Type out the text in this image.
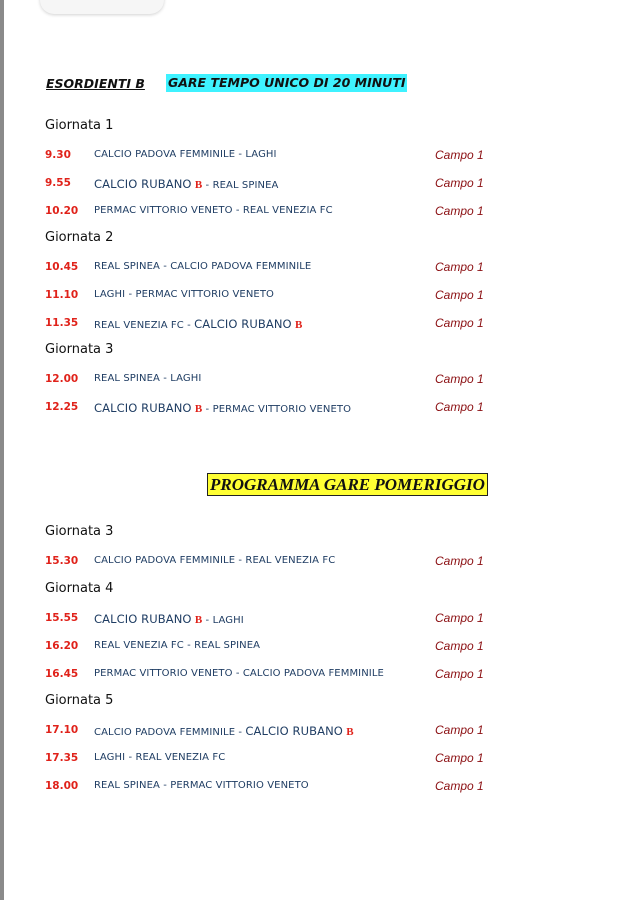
ESORDIENTI B GARE TEMPO UNICO DI 20 MINUTI
Giornata 1
9.30 CALCIO PADOVA FEMMINILE - LAGHI	Campo 1
9.55 CALCIO RUBANO B - REAL SPINEA	Campo 1
10.20 PERMAC VITTORIO VENETO - REAL VENEZIA FC	Campo 1
Giornata 2
10.45 REAL SPINEA - CALCIO PADOVA FEMMINILE	Campo 1
11.10 LAGHI - PERMAC VITTORIO VENETO	Campo 1
11.35 REAL VENEZIA FC - CALCIO RUBANO B	Campo 1
Giornata 3
12.00 REAL SPINEA - LAGHI	Campo 1
12.25 CALCIO RUBANO B - PERMAC VITTORIO VENETO	Campo 1
PROGRAMMA GARE POMERIGGIO
Giornata 3
15.30 CALCIO PADOVA FEMMINILE - REAL VENEZIA FC	Campo 1
Giornata 4
15.55 CALCIO RUBANO B - LAGHI	Campo 1
16.20 REAL VENEZIA FC - REAL SPINEA	Campo 1
16.45 PERMAC VITTORIO VENETO - CALCIO PADOVA FEMMINILE	Campo 1
Giornata 5
17.10 CALCIO PADOVA FEMMINILE - CALCIO RUBANO B	Campo 1
17.35 LAGHI - REAL VENEZIA FC	Campo 1
18.00 REAL SPINEA - PERMAC VITTORIO VENETO	Campo 1
